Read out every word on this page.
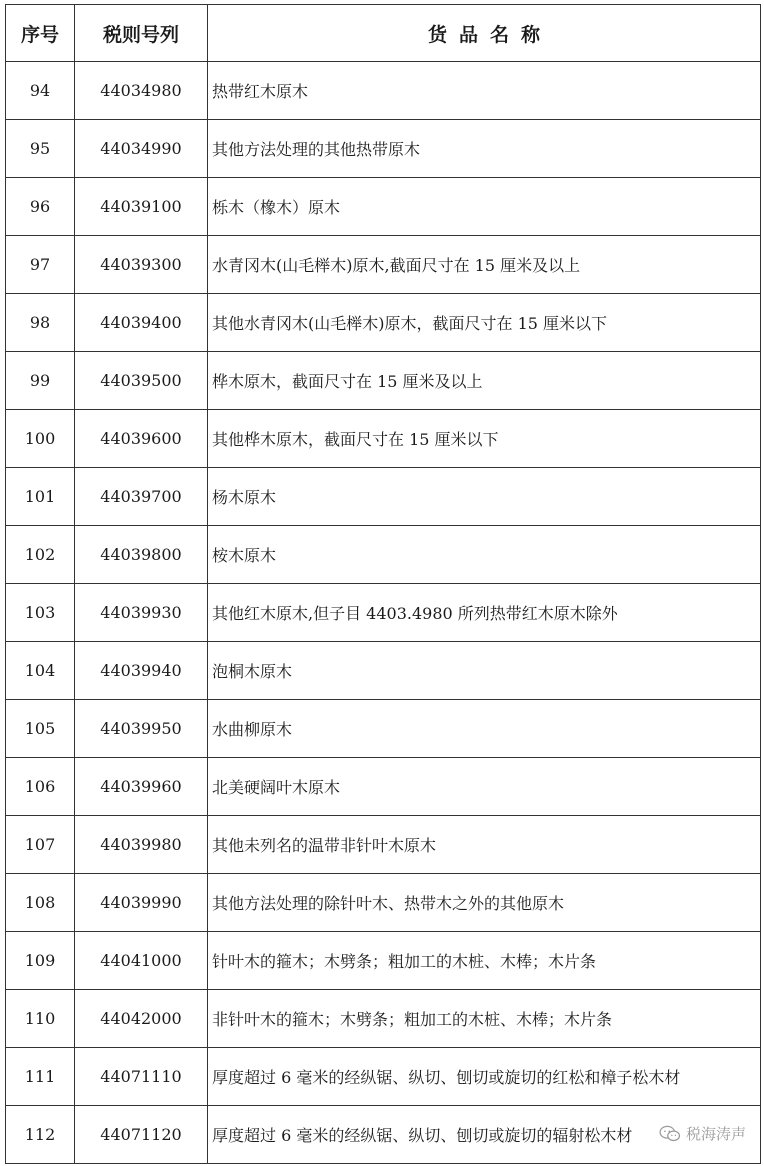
序号	税则号列	货品名称
94	44034980	热带红木原木
95	44034990	其他方法处理的其他热带原木
96	44039100	栎木（橡木）原木
97	44039300	水青冈木(山毛榉木)原木,截面尺寸在 15 厘米及以上
98	44039400	其他水青冈木(山毛榉木)原木，截面尺寸在 15 厘米以下
99	44039500	桦木原木，截面尺寸在 15 厘米及以上
100	44039600	其他桦木原木，截面尺寸在 15 厘米以下
101	44039700	杨木原木
102	44039800	桉木原木
103	44039930	其他红木原木,但子目 4403.4980 所列热带红木原木除外
104	44039940	泡桐木原木
105	44039950	水曲柳原木
106	44039960	北美硬阔叶木原木
107	44039980	其他未列名的温带非针叶木原木
108	44039990	其他方法处理的除针叶木、热带木之外的其他原木
109	44041000	针叶木的箍木；木劈条；粗加工的木桩、木棒；木片条
110	44042000	非针叶木的箍木；木劈条；粗加工的木桩、木棒；木片条
111	44071110	厚度超过 6 毫米的经纵锯、纵切、刨切或旋切的红松和樟子松木材
112	44071120	厚度超过 6 毫米的经纵锯、纵切、刨切或旋切的辐射松木材	税海涛声
